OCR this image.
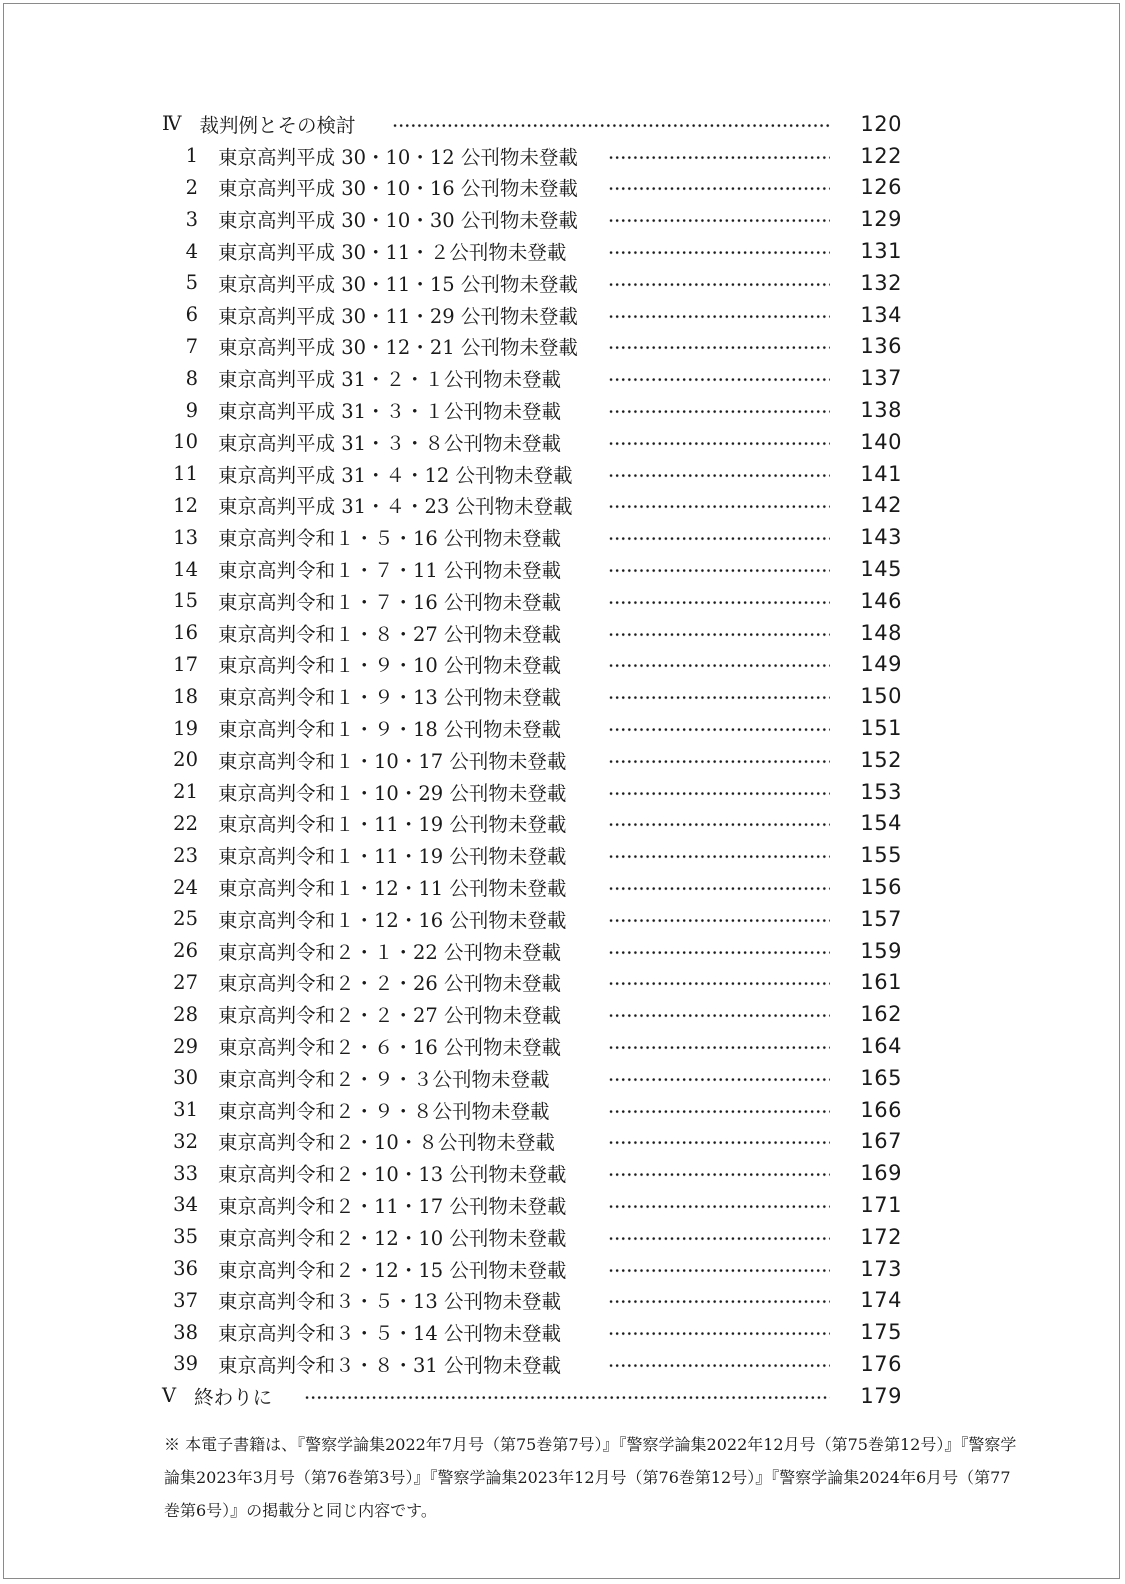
Ⅳ 裁判例とその検討	120
1 東京高判平成 30・10・12 公刊物未登載	122
2 東京高判平成 30・10・16 公刊物未登載	126
3 東京高判平成 30・10・30 公刊物未登載	129
4 東京高判平成 30・11・２公刊物未登載	131
5 東京高判平成 30・11・15 公刊物未登載	132
6 東京高判平成 30・11・29 公刊物未登載	134
7 東京高判平成 30・12・21 公刊物未登載	136
8 東京高判平成 31・２・１公刊物未登載	137
9 東京高判平成 31・３・１公刊物未登載	138
10 東京高判平成 31・３・８公刊物未登載	140
11 東京高判平成 31・４・12 公刊物未登載	141
12 東京高判平成 31・４・23 公刊物未登載	142
13 東京高判令和１・５・16 公刊物未登載	143
14 東京高判令和１・７・11 公刊物未登載	145
15 東京高判令和１・７・16 公刊物未登載	146
16 東京高判令和１・８・27 公刊物未登載	148
17 東京高判令和１・９・10 公刊物未登載	149
18 東京高判令和１・９・13 公刊物未登載	150
19 東京高判令和１・９・18 公刊物未登載	151
20 東京高判令和１・10・17 公刊物未登載	152
21 東京高判令和１・10・29 公刊物未登載	153
22 東京高判令和１・11・19 公刊物未登載	154
23 東京高判令和１・11・19 公刊物未登載	155
24 東京高判令和１・12・11 公刊物未登載	156
25 東京高判令和１・12・16 公刊物未登載	157
26 東京高判令和２・１・22 公刊物未登載	159
27 東京高判令和２・２・26 公刊物未登載	161
28 東京高判令和２・２・27 公刊物未登載	162
29 東京高判令和２・６・16 公刊物未登載	164
30 東京高判令和２・９・３公刊物未登載	165
31 東京高判令和２・９・８公刊物未登載	166
32 東京高判令和２・10・８公刊物未登載	167
33 東京高判令和２・10・13 公刊物未登載	169
34 東京高判令和２・11・17 公刊物未登載	171
35 東京高判令和２・12・10 公刊物未登載	172
36 東京高判令和２・12・15 公刊物未登載	173
37 東京高判令和３・５・13 公刊物未登載	174
38 東京高判令和３・５・14 公刊物未登載	175
39 東京高判令和３・８・31 公刊物未登載	176
Ⅴ 終わりに	179
※ 本電子書籍は、『警察学論集2022年7月号（第75巻第7号）』『警察学論集2022年12月号（第75巻第12号）』『警察学論集2023年3月号（第76巻第3号）』『警察学論集2023年12月号（第76巻第12号）』『警察学論集2024年6月号（第77巻第6号）』の掲載分と同じ内容です。
